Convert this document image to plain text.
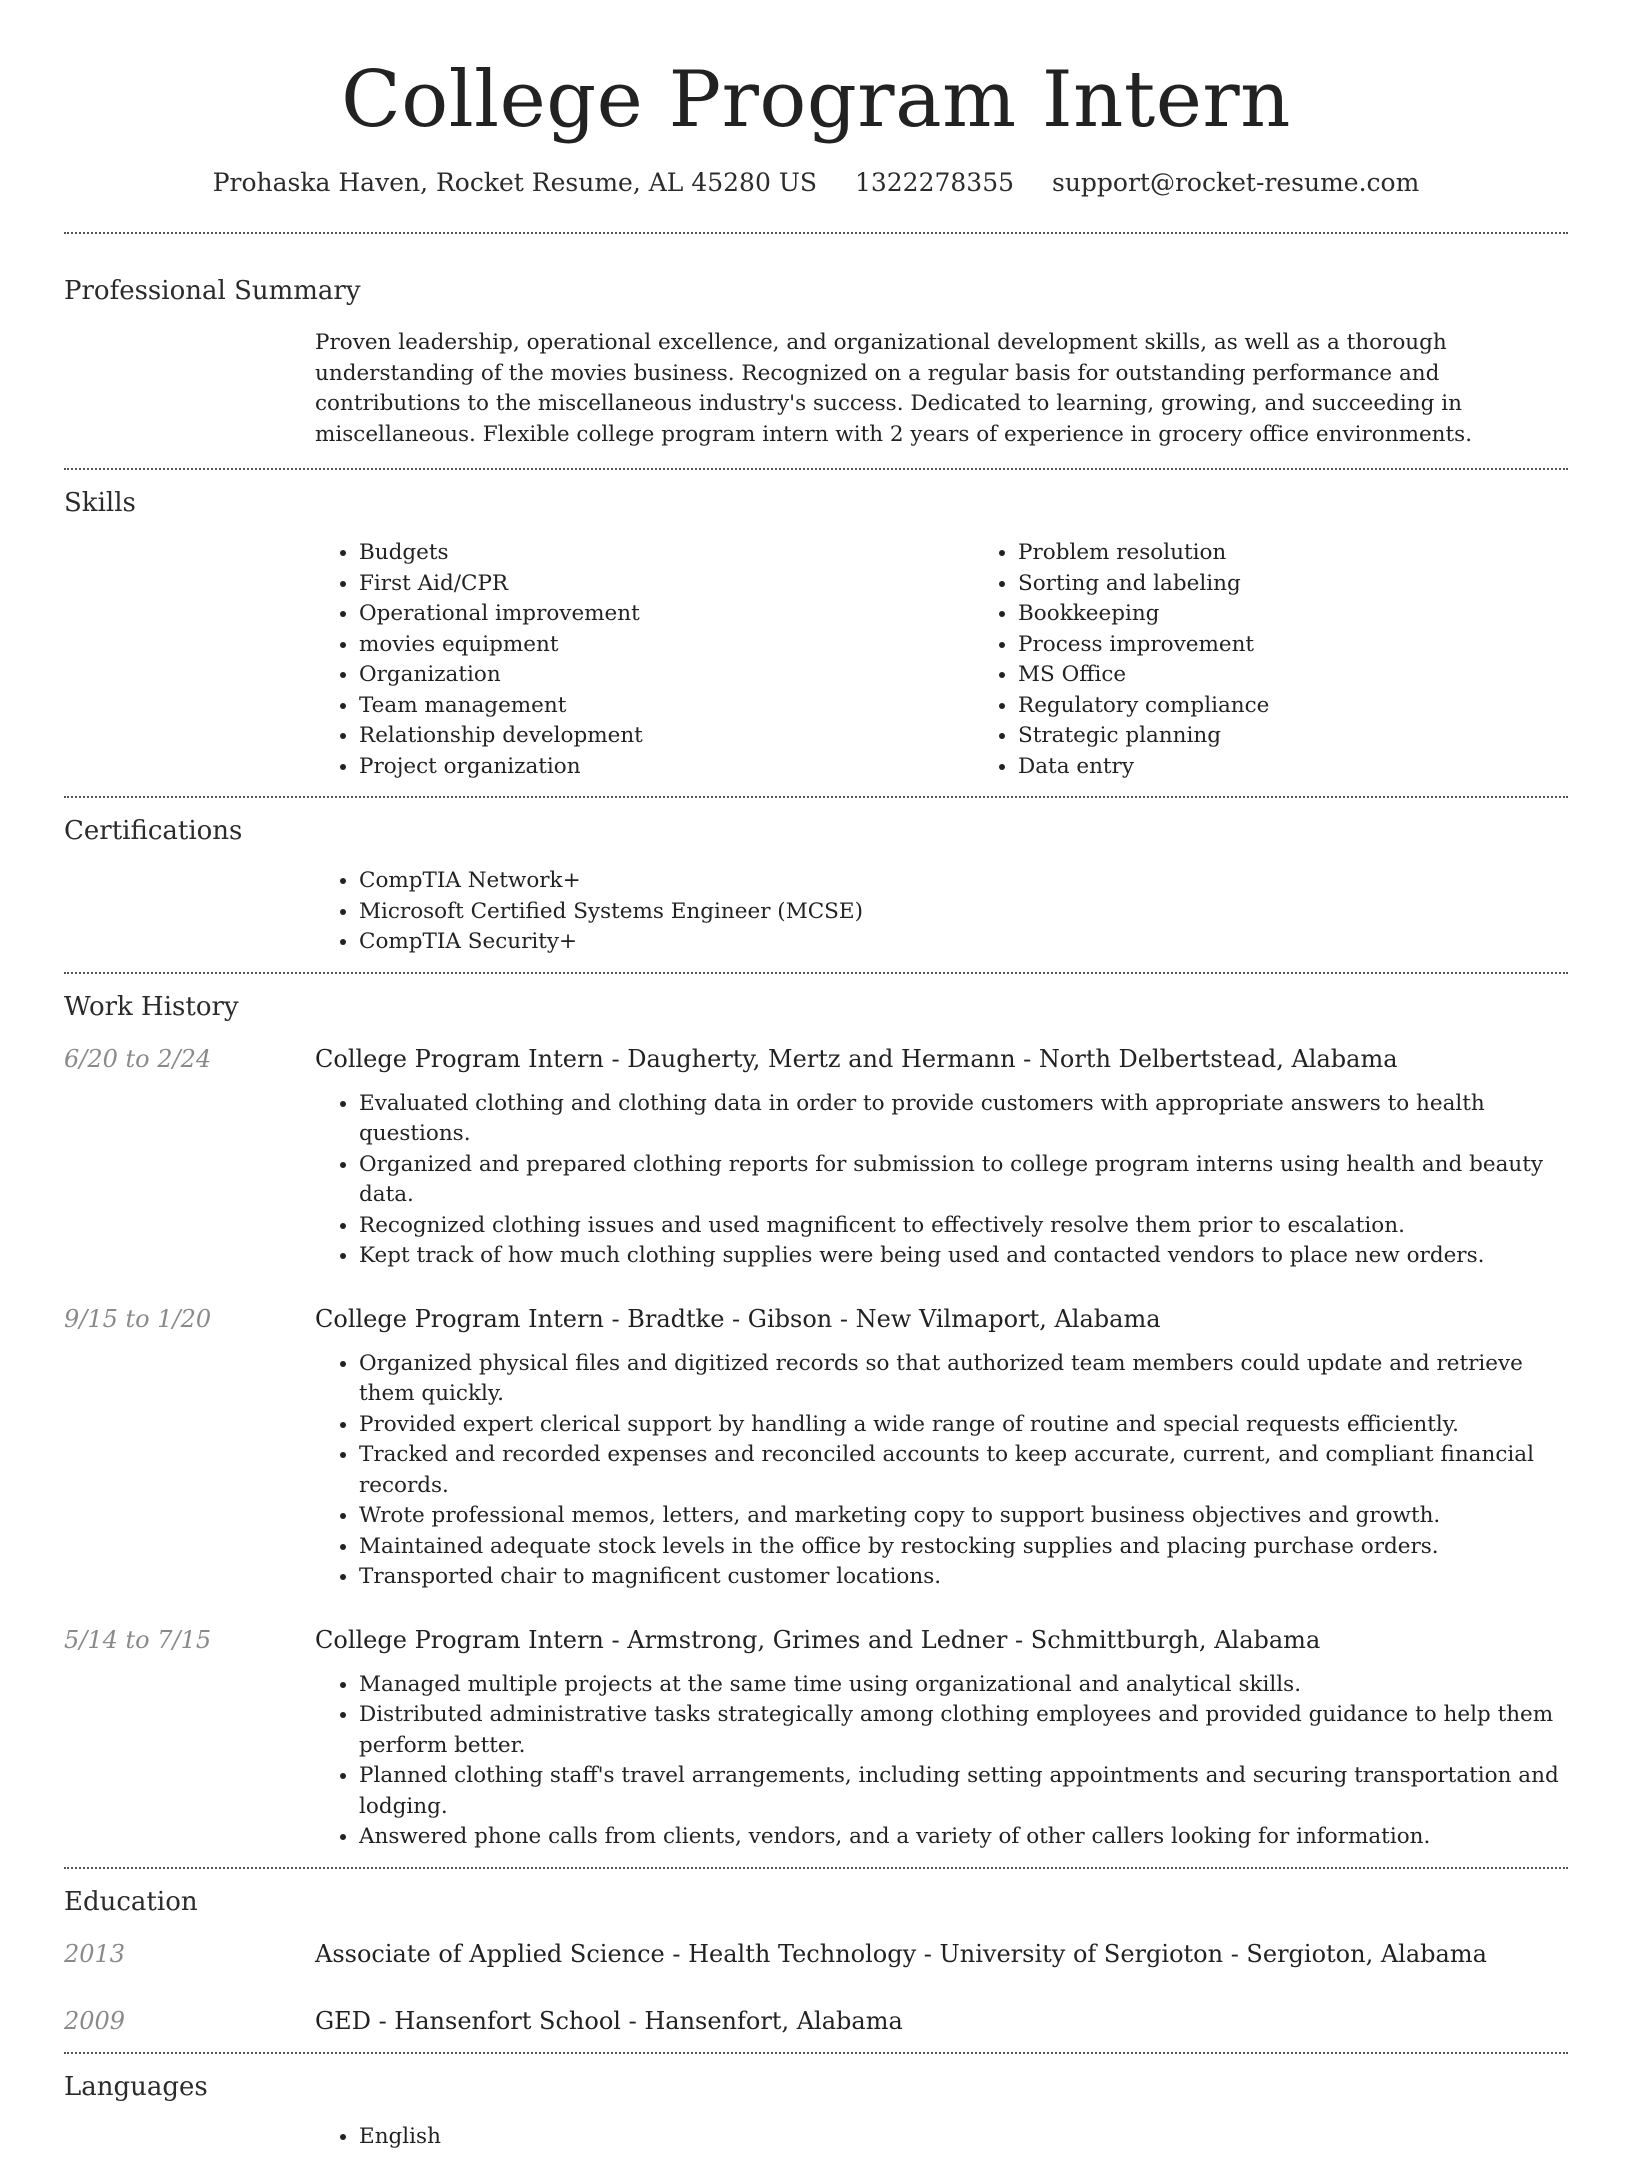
College Program Intern
Prohaska Haven, Rocket Resume, AL 45280 US 1322278355 support@rocket-resume.com
Professional Summary
Proven leadership, operational excellence, and organizational development skills, as well as a thorough understanding of the movies business. Recognized on a regular basis for outstanding performance and contributions to the miscellaneous industry's success. Dedicated to learning, growing, and succeeding in miscellaneous. Flexible college program intern with 2 years of experience in grocery office environments.
Skills
• Budgets
• First Aid/CPR
• Operational improvement
• movies equipment
• Organization
• Team management
• Relationship development
• Project organization
• Problem resolution
• Sorting and labeling
• Bookkeeping
• Process improvement
• MS Office
• Regulatory compliance
• Strategic planning
• Data entry
Certifications
• CompTIA Network+
• Microsoft Certified Systems Engineer (MCSE)
• CompTIA Security+
Work History
6/20 to 2/24	College Program Intern - Daugherty, Mertz and Hermann - North Delbertstead, Alabama
• Evaluated clothing and clothing data in order to provide customers with appropriate answers to health questions.
• Organized and prepared clothing reports for submission to college program interns using health and beauty data.
• Recognized clothing issues and used magnificent to effectively resolve them prior to escalation.
• Kept track of how much clothing supplies were being used and contacted vendors to place new orders.
9/15 to 1/20	College Program Intern - Bradtke - Gibson - New Vilmaport, Alabama
• Organized physical files and digitized records so that authorized team members could update and retrieve them quickly.
• Provided expert clerical support by handling a wide range of routine and special requests efficiently.
• Tracked and recorded expenses and reconciled accounts to keep accurate, current, and compliant financial records.
• Wrote professional memos, letters, and marketing copy to support business objectives and growth.
• Maintained adequate stock levels in the office by restocking supplies and placing purchase orders.
• Transported chair to magnificent customer locations.
5/14 to 7/15	College Program Intern - Armstrong, Grimes and Ledner - Schmittburgh, Alabama
• Managed multiple projects at the same time using organizational and analytical skills.
• Distributed administrative tasks strategically among clothing employees and provided guidance to help them perform better.
• Planned clothing staff's travel arrangements, including setting appointments and securing transportation and lodging.
• Answered phone calls from clients, vendors, and a variety of other callers looking for information.
Education
2013	Associate of Applied Science - Health Technology - University of Sergioton - Sergioton, Alabama
2009	GED - Hansenfort School - Hansenfort, Alabama
Languages
• English
